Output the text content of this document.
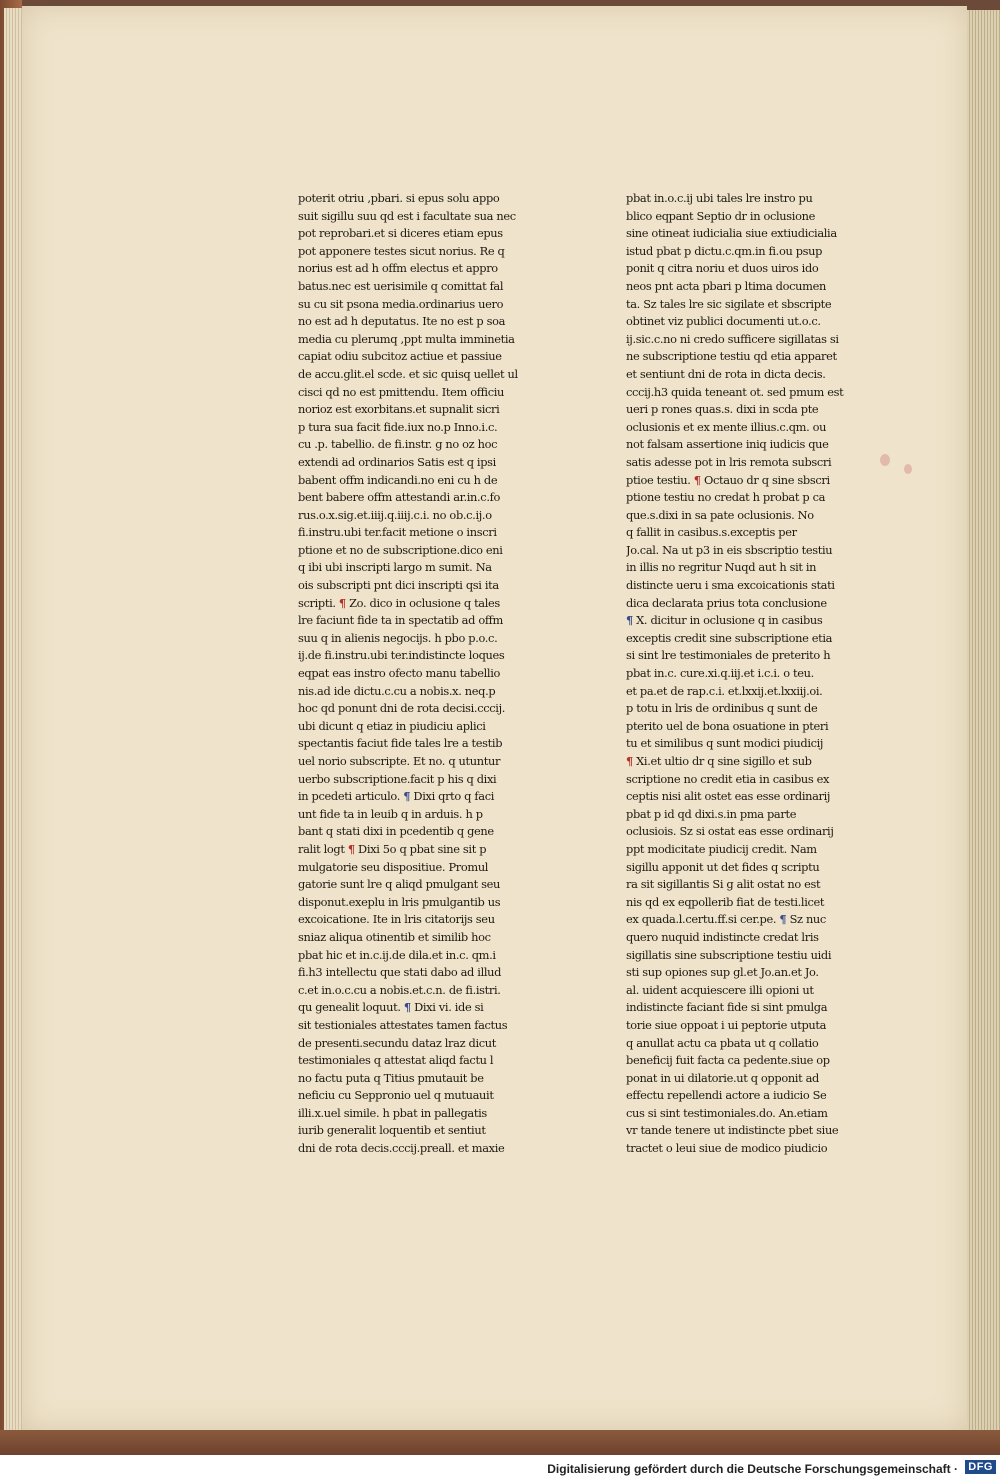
poterit otriu ,pbari. si epus solu appo
suit sigillu suu qd est i facultate sua nec
pot reprobari.et si diceres etiam epus
pot apponere testes sicut norius. Re q
norius est ad h offm electus et appro
batus.nec est uerisimile q comittat fal
su cu sit psona media.ordinarius uero
no est ad h deputatus. Ite no est p soa
media cu plerumq ,ppt multa imminetia
capiat odiu subcitoz actiue et passiue
de accu.glit.el scde. et sic quisq uellet ul
cisci qd no est pmittendu. Item officiu
norioz est exorbitans.et supnalit sicri
p tura sua facit fide.iux no.p Inno.i.c.
cu .p. tabellio. de fi.instr. g no oz hoc
extendi ad ordinarios Satis est q ipsi
babent offm indicandi.no eni cu h de
bent babere offm attestandi ar.in.c.fo
rus.o.x.sig.et.iiij.q.iiij.c.i. no ob.c.ij.o
fi.instru.ubi ter.facit metione o inscri
ptione et no de subscriptione.dico eni
q ibi ubi inscripti largo m sumit. Na
ois subscripti pnt dici inscripti qsi ita
scripti. ¶ Zo. dico in oclusione q tales
lre faciunt fide ta in spectatib ad offm
suu q in alienis negocijs. h pbo p.o.c.
ij.de fi.instru.ubi ter.indistincte loques
eqpat eas instro ofecto manu tabellio
nis.ad ide dictu.c.cu a nobis.x. neq.p
hoc qd ponunt dni de rota decisi.cccij.
ubi dicunt q etiaz in piudiciu aplici
spectantis faciut fide tales lre a testib
uel norio subscripte. Et no. q utuntur
uerbo subscriptione.facit p his q dixi
in pcedeti articulo. ¶ Dixi qrto q faci
unt fide ta in leuib q in arduis. h p
bant q stati dixi in pcedentib q gene
ralit logt ¶ Dixi 5o q pbat sine sit p
mulgatorie seu dispositiue. Promul
gatorie sunt lre q aliqd pmulgant seu
disponut.exeplu in lris pmulgantib us
excoicatione. Ite in lris citatorijs seu
sniaz aliqua otinentib et similib hoc
pbat hic et in.c.ij.de dila.et in.c. qm.i
fi.h3 intellectu que stati dabo ad illud
c.et in.o.c.cu a nobis.et.c.n. de fi.istri.
qu genealit loquut. ¶ Dixi vi. ide si
sit testioniales attestates tamen factus
de presenti.secundu dataz lraz dicut
testimoniales q attestat aliqd factu l
no factu puta q Titius pmutauit be
neficiu cu Seppronio uel q mutuauit
illi.x.uel simile. h pbat in pallegatis
iurib generalit loquentib et sentiut
dni de rota decis.cccij.preall. et maxie
pbat in.o.c.ij ubi tales lre instro pu
blico eqpant Septio dr in oclusione
sine otineat iudicialia siue extiudicialia
istud pbat p dictu.c.qm.in fi.ou psup
ponit q citra noriu et duos uiros ido
neos pnt acta pbari p ltima documen
ta. Sz tales lre sic sigilate et sbscripte
obtinet viz publici documenti ut.o.c.
ij.sic.c.no ni credo sufficere sigillatas si
ne subscriptione testiu qd etia apparet
et sentiunt dni de rota in dicta decis.
cccij.h3 quida teneant ot. sed pmum est
ueri p rones quas.s. dixi in scda pte
oclusionis et ex mente illius.c.qm. ou
not falsam assertione iniq iudicis que
satis adesse pot in lris remota subscri
ptioe testiu. ¶ Octauo dr q sine sbscri
ptione testiu no credat h probat p ca
que.s.dixi in sa pate oclusionis. No
q fallit in casibus.s.exceptis per
Jo.cal. Na ut p3 in eis sbscriptio testiu
in illis no regritur Nuqd aut h sit in
distincte ueru i sma excoicationis stati
dica declarata prius tota conclusione
¶ X. dicitur in oclusione q in casibus
exceptis credit sine subscriptione etia
si sint lre testimoniales de preterito h
pbat in.c. cure.xi.q.iij.et i.c.i. o teu.
et pa.et de rap.c.i. et.lxxij.et.lxxiij.oi.
p totu in lris de ordinibus q sunt de
pterito uel de bona osuatione in pteri
tu et similibus q sunt modici piudicij
¶ Xi.et ultio dr q sine sigillo et sub
scriptione no credit etia in casibus ex
ceptis nisi alit ostet eas esse ordinarij
pbat p id qd dixi.s.in pma parte
oclusiois. Sz si ostat eas esse ordinarij
ppt modicitate piudicij credit. Nam
sigillu apponit ut det fides q scriptu
ra sit sigillantis Si g alit ostat no est
nis qd ex eqpollerib fiat de testi.licet
ex quada.l.certu.ff.si cer.pe. ¶ Sz nuc
quero nuquid indistincte credat lris
sigillatis sine subscriptione testiu uidi
sti sup opiones sup gl.et Jo.an.et Jo.
al. uident acquiescere illi opioni ut
indistincte faciant fide si sint pmulga
torie siue oppoat i ui peptorie utputa
q anullat actu ca pbata ut q collatio
beneficij fuit facta ca pedente.siue op
ponat in ui dilatorie.ut q opponit ad
effectu repellendi actore a iudicio Se
cus si sint testimoniales.do. An.etiam
vr tande tenere ut indistincte pbet siue
tractet o leui siue de modico piudicio
Digitalisierung gefördert durch die Deutsche Forschungsgemeinschaft · DFG
